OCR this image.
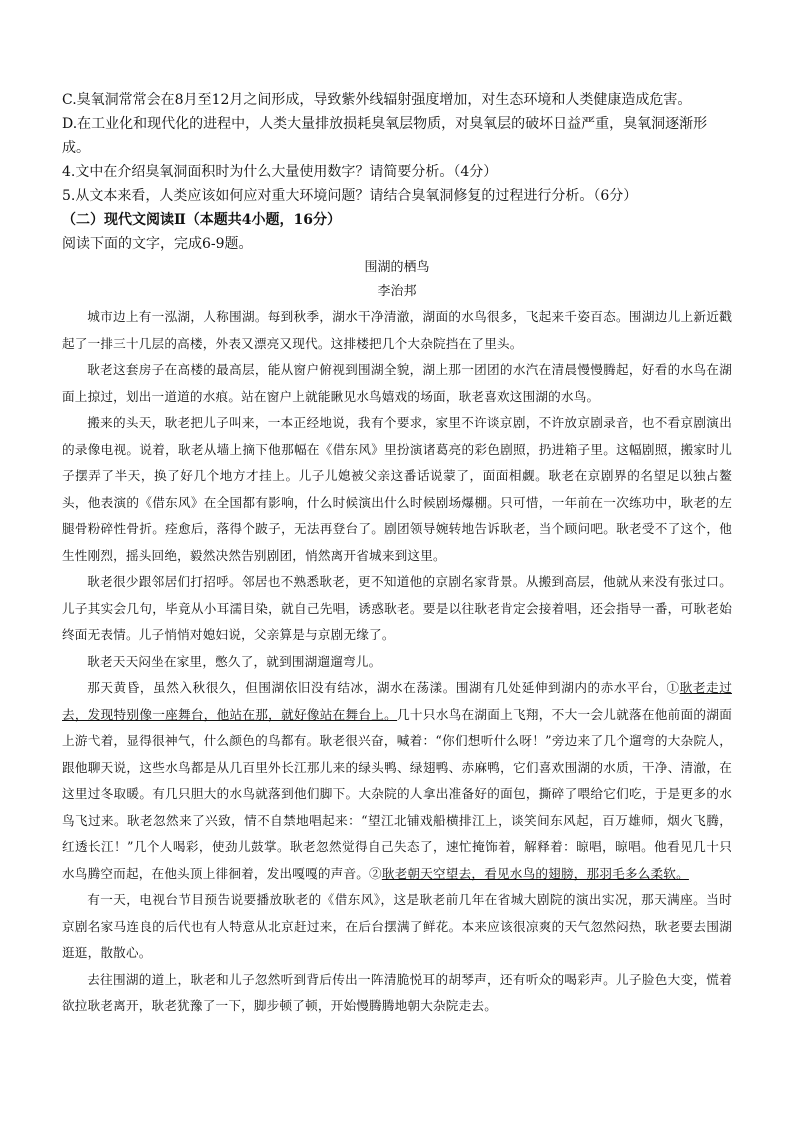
C.臭氧洞常常会在8月至12月之间形成，导致紫外线辐射强度增加，对生态环境和人类健康造成危害。

D.在工业化和现代化的进程中，人类大量排放损耗臭氧层物质，对臭氧层的破坏日益严重，臭氧洞逐渐形

成。

4.文中在介绍臭氧洞面积时为什么大量使用数字？请简要分析。（4分）

5.从文本来看，人类应该如何应对重大环境问题？请结合臭氧洞修复的过程进行分析。（6分）

（二）现代文阅读Ⅱ（本题共4小题，16分）

阅读下面的文字，完成6-9题。

围湖的栖鸟

李治邦

城市边上有一泓湖，人称围湖。每到秋季，湖水干净清澈，湖面的水鸟很多，飞起来千姿百态。围湖边儿上新近戳起了一排三十几层的高楼，外表又漂亮又现代。这排楼把几个大杂院挡在了里头。

耿老这套房子在高楼的最高层，能从窗户俯视到围湖全貌，湖上那一团团的水汽在清晨慢慢腾起，好看的水鸟在湖面上掠过，划出一道道的水痕。站在窗户上就能瞅见水鸟嬉戏的场面，耿老喜欢这围湖的水鸟。

搬来的头天，耿老把儿子叫来，一本正经地说，我有个要求，家里不许谈京剧，不许放京剧录音，也不看京剧演出的录像电视。说着，耿老从墙上摘下他那幅在《借东风》里扮演诸葛亮的彩色剧照，扔进箱子里。这幅剧照，搬家时儿子摆弄了半天，换了好几个地方才挂上。儿子儿媳被父亲这番话说蒙了，面面相觑。耿老在京剧界的名望足以独占鳌头，他表演的《借东风》在全国都有影响，什么时候演出什么时候剧场爆棚。只可惜，一年前在一次练功中，耿老的左腿骨粉碎性骨折。痊愈后，落得个跛子，无法再登台了。剧团领导婉转地告诉耿老，当个顾问吧。耿老受不了这个，他生性刚烈，摇头回绝，毅然决然告别剧团，悄然离开省城来到这里。

耿老很少跟邻居们打招呼。邻居也不熟悉耿老，更不知道他的京剧名家背景。从搬到高层，他就从来没有张过口。儿子其实会几句，毕竟从小耳濡目染，就自己先唱，诱惑耿老。要是以往耿老肯定会接着唱，还会指导一番，可耿老始终面无表情。儿子悄悄对媳妇说，父亲算是与京剧无缘了。

耿老天天闷坐在家里，憋久了，就到围湖遛遛弯儿。

那天黄昏，虽然入秋很久，但围湖依旧没有结冰，湖水在荡漾。围湖有几处延伸到湖内的赤水平台，①耿老走过去，发现特别像一座舞台，他站在那，就好像站在舞台上。几十只水鸟在湖面上飞翔，不大一会儿就落在他前面的湖面上游弋着，显得很神气，什么颜色的鸟都有。耿老很兴奋，喊着：“你们想听什么呀！”旁边来了几个遛弯的大杂院人，跟他聊天说，这些水鸟都是从几百里外长江那儿来的绿头鸭、绿翅鸭、赤麻鸭，它们喜欢围湖的水质，干净、清澈，在这里过冬取暖。有几只胆大的水鸟就落到他们脚下。大杂院的人拿出准备好的面包，撕碎了喂给它们吃，于是更多的水鸟飞过来。耿老忽然来了兴致，情不自禁地唱起来：“望江北铺戏船横排江上，谈笑间东风起，百万雄师，烟火飞腾，红透长江！”几个人喝彩，使劲儿鼓掌。耿老忽然觉得自己失态了，速忙掩饰着，解释着：晾唱，晾唱。他看见几十只水鸟腾空而起，在他头顶上徘徊着，发出嘎嘎的声音。②耿老朝天空望去，看见水鸟的翅膀，那羽毛多么柔软。

有一天，电视台节目预告说要播放耿老的《借东风》，这是耿老前几年在省城大剧院的演出实况，那天满座。当时京剧名家马连良的后代也有人特意从北京赶过来，在后台摆满了鲜花。本来应该很凉爽的天气忽然闷热，耿老要去围湖逛逛，散散心。

去往围湖的道上，耿老和儿子忽然听到背后传出一阵清脆悦耳的胡琴声，还有听众的喝彩声。儿子脸色大变，慌着欲拉耿老离开，耿老犹豫了一下，脚步顿了顿，开始慢腾腾地朝大杂院走去。
